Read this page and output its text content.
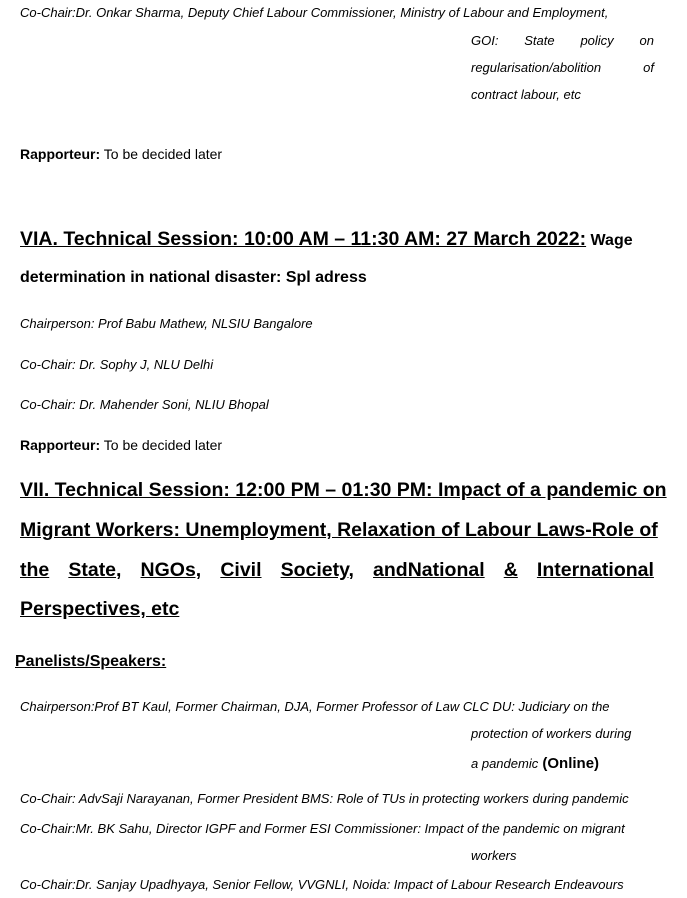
Co-Chair:Dr. Onkar Sharma, Deputy Chief Labour Commissioner, Ministry of Labour and Employment,
GOI: State policy on
regularisation/abolition	of
contract labour, etc
Rapporteur: To be decided later
VIA. Technical Session: 10:00 AM – 11:30 AM: 27 March 2022: Wage
determination in national disaster: Spl adress
Chairperson: Prof Babu Mathew, NLSIU Bangalore
Co-Chair: Dr. Sophy J, NLU Delhi
Co-Chair: Dr. Mahender Soni, NLIU Bhopal
Rapporteur: To be decided later
VII. Technical Session: 12:00 PM – 01:30 PM: Impact of a pandemic on
Migrant Workers: Unemployment, Relaxation of Labour Laws-Role of
the State, NGOs, Civil Society, andNational & International
Perspectives, etc
Panelists/Speakers:
Chairperson:Prof BT Kaul, Former Chairman, DJA, Former Professor of Law CLC DU: Judiciary on the
protection of workers during
a pandemic (Online)
Co-Chair: AdvSaji Narayanan, Former President BMS: Role of TUs in protecting workers during pandemic
Co-Chair:Mr. BK Sahu, Director IGPF and Former ESI Commissioner: Impact of the pandemic on migrant
workers
Co-Chair:Dr. Sanjay Upadhyaya, Senior Fellow, VVGNLI, Noida: Impact of Labour Research Endeavours
